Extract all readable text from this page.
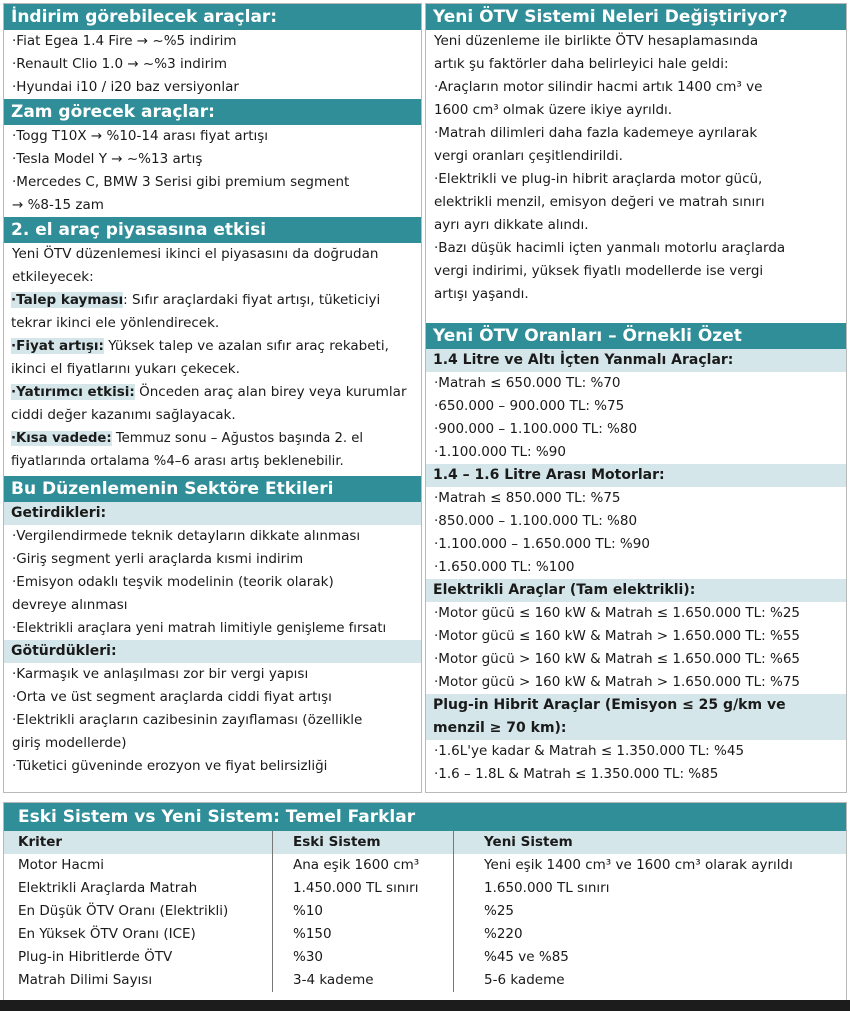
İndirim görebilecek araçlar:
·Fiat Egea 1.4 Fire → ~%5 indirim
·Renault Clio 1.0 → ~%3 indirim
·Hyundai i10 / i20 baz versiyonlar
Zam görecek araçlar:
·Togg T10X → %10-14 arası fiyat artışı
·Tesla Model Y → ~%13 artış
·Mercedes C, BMW 3 Serisi gibi premium segment
→ %8-15 zam
2. el araç piyasasına etkisi
Yeni ÖTV düzenlemesi ikinci el piyasasını da doğrudan etkileyecek:
·Talep kayması: Sıfır araçlardaki fiyat artışı, tüketiciyi tekrar ikinci ele yönlendirecek.
·Fiyat artışı: Yüksek talep ve azalan sıfır araç rekabeti, ikinci el fiyatlarını yukarı çekecek.
·Yatırımcı etkisi: Önceden araç alan birey veya kurumlar ciddi değer kazanımı sağlayacak.
·Kısa vadede: Temmuz sonu – Ağustos başında 2. el fiyatlarında ortalama %4–6 arası artış beklenebilir.
Bu Düzenlemenin Sektöre Etkileri
Getirdikleri:
·Vergilendirmede teknik detayların dikkate alınması
·Giriş segment yerli araçlarda kısmi indirim
·Emisyon odaklı teşvik modelinin (teorik olarak)
devreye alınması
·Elektrikli araçlara yeni matrah limitiyle genişleme fırsatı
Götürdükleri:
·Karmaşık ve anlaşılması zor bir vergi yapısı
·Orta ve üst segment araçlarda ciddi fiyat artışı
·Elektrikli araçların cazibesinin zayıflaması (özellikle
giriş modellerde)
·Tüketici güveninde erozyon ve fiyat belirsizliği
Yeni ÖTV Sistemi Neleri Değiştiriyor?
Yeni düzenleme ile birlikte ÖTV hesaplamasında
artık şu faktörler daha belirleyici hale geldi:
·Araçların motor silindir hacmi artık 1400 cm³ ve
1600 cm³ olmak üzere ikiye ayrıldı.
·Matrah dilimleri daha fazla kademeye ayrılarak
vergi oranları çeşitlendirildi.
·Elektrikli ve plug-in hibrit araçlarda motor gücü,
elektrikli menzil, emisyon değeri ve matrah sınırı
ayrı ayrı dikkate alındı.
·Bazı düşük hacimli içten yanmalı motorlu araçlarda
vergi indirimi, yüksek fiyatlı modellerde ise vergi
artışı yaşandı.
Yeni ÖTV Oranları – Örnekli Özet
1.4 Litre ve Altı İçten Yanmalı Araçlar:
·Matrah ≤ 650.000 TL: %70
·650.000 – 900.000 TL: %75
·900.000 – 1.100.000 TL: %80
·1.100.000 TL: %90
1.4 – 1.6 Litre Arası Motorlar:
·Matrah ≤ 850.000 TL: %75
·850.000 – 1.100.000 TL: %80
·1.100.000 – 1.650.000 TL: %90
·1.650.000 TL: %100
Elektrikli Araçlar (Tam elektrikli):
·Motor gücü ≤ 160 kW & Matrah ≤ 1.650.000 TL: %25
·Motor gücü ≤ 160 kW & Matrah > 1.650.000 TL: %55
·Motor gücü > 160 kW & Matrah ≤ 1.650.000 TL: %65
·Motor gücü > 160 kW & Matrah > 1.650.000 TL: %75
Plug-in Hibrit Araçlar (Emisyon ≤ 25 g/km ve
menzil ≥ 70 km):
·1.6L'ye kadar & Matrah ≤ 1.350.000 TL: %45
·1.6 – 1.8L & Matrah ≤ 1.350.000 TL: %85
Eski Sistem vs Yeni Sistem: Temel Farklar
Kriter	Eski Sistem	Yeni Sistem
Motor Hacmi	Ana eşik 1600 cm³	Yeni eşik 1400 cm³ ve 1600 cm³ olarak ayrıldı
Elektrikli Araçlarda Matrah	1.450.000 TL sınırı	1.650.000 TL sınırı
En Düşük ÖTV Oranı (Elektrikli)	%10	%25
En Yüksek ÖTV Oranı (ICE)	%150	%220
Plug-in Hibritlerde ÖTV	%30	%45 ve %85
Matrah Dilimi Sayısı	3-4 kademe	5-6 kademe
